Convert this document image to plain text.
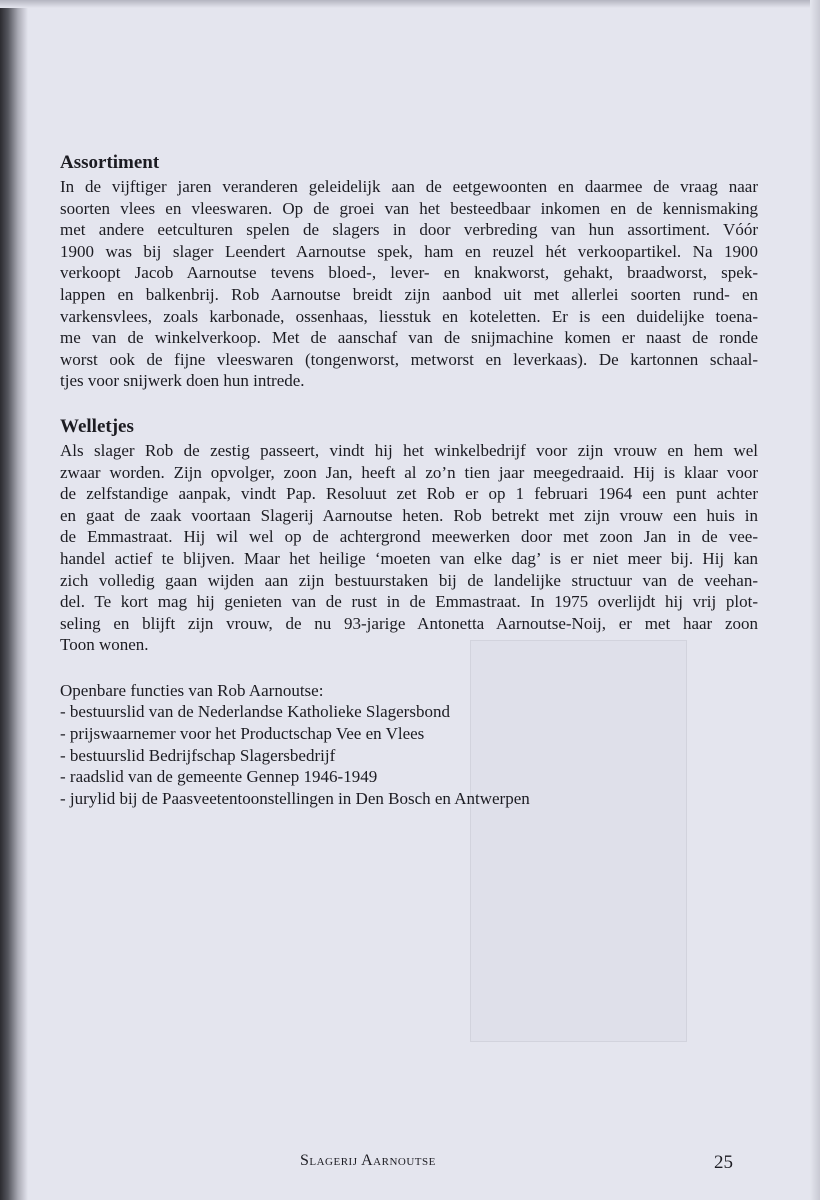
Assortiment
In de vijftiger jaren veranderen geleidelijk aan de eetgewoonten en daarmee de vraag naar
soorten vlees en vleeswaren. Op de groei van het besteedbaar inkomen en de kennismaking
met andere eetculturen spelen de slagers in door verbreding van hun assortiment. Vóór
1900 was bij slager Leendert Aarnoutse spek, ham en reuzel hét verkoopartikel. Na 1900
verkoopt Jacob Aarnoutse tevens bloed-, lever- en knakworst, gehakt, braadworst, spek-
lappen en balkenbrij. Rob Aarnoutse breidt zijn aanbod uit met allerlei soorten rund- en
varkensvlees, zoals karbonade, ossenhaas, liesstuk en koteletten. Er is een duidelijke toena-
me van de winkelverkoop. Met de aanschaf van de snijmachine komen er naast de ronde
worst ook de fijne vleeswaren (tongenworst, metworst en leverkaas). De kartonnen schaal-
tjes voor snijwerk doen hun intrede.
Welletjes
Als slager Rob de zestig passeert, vindt hij het winkelbedrijf voor zijn vrouw en hem wel
zwaar worden. Zijn opvolger, zoon Jan, heeft al zo’n tien jaar meegedraaid. Hij is klaar voor
de zelfstandige aanpak, vindt Pap. Resoluut zet Rob er op 1 februari 1964 een punt achter
en gaat de zaak voortaan Slagerij Aarnoutse heten. Rob betrekt met zijn vrouw een huis in
de Emmastraat. Hij wil wel op de achtergrond meewerken door met zoon Jan in de vee-
handel actief te blijven. Maar het heilige ‘moeten van elke dag’ is er niet meer bij. Hij kan
zich volledig gaan wijden aan zijn bestuurstaken bij de landelijke structuur van de veehan-
del. Te kort mag hij genieten van de rust in de Emmastraat. In 1975 overlijdt hij vrij plot-
seling en blijft zijn vrouw, de nu 93-jarige Antonetta Aarnoutse-Noij, er met haar zoon
Toon wonen.

Openbare functies van Rob Aarnoutse:

- bestuurslid van de Nederlandse Katholieke Slagersbond
- prijswaarnemer voor het Productschap Vee en Vlees
- bestuurslid Bedrijfschap Slagersbedrijf
- raadslid van de gemeente Gennep 1946-1949
- jurylid bij de Paasveetentoonstellingen in Den Bosch en Antwerpen
Slagerij Aarnoutse	25
